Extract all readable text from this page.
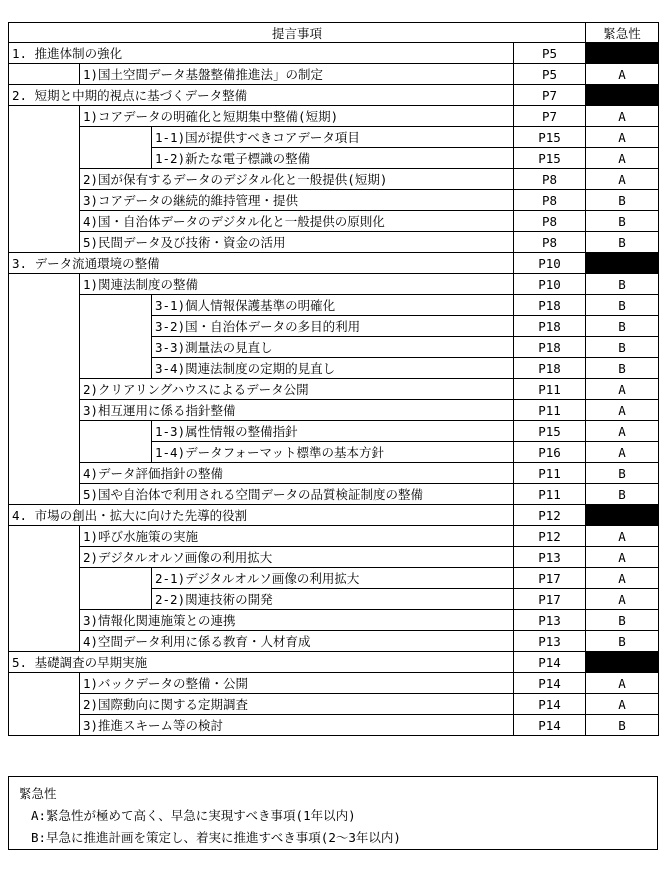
提言事項				緊急性
1. 推進体制の強化			P5	
	1)国土空間データ基盤整備推進法」の制定		P5	A
2. 短期と中期的視点に基づくデータ整備			P7	
	1)コアデータの明確化と短期集中整備(短期)		P7	A
		1-1)国が提供すべきコアデータ項目	P15	A
		1-2)新たな電子標識の整備	P15	A
	2)国が保有するデータのデジタル化と一般提供(短期)		P8	A
	3)コアデータの継続的維持管理・提供		P8	B
	4)国・自治体データのデジタル化と一般提供の原則化		P8	B
	5)民間データ及び技術・資金の活用		P8	B
3. データ流通環境の整備			P10	
	1)関連法制度の整備		P10	B
		3-1)個人情報保護基準の明確化	P18	B
		3-2)国・自治体データの多目的利用	P18	B
		3-3)測量法の見直し	P18	B
		3-4)関連法制度の定期的見直し	P18	B
	2)クリアリングハウスによるデータ公開		P11	A
	3)相互運用に係る指針整備		P11	A
		1-3)属性情報の整備指針	P15	A
		1-4)データフォーマット標準の基本方針	P16	A
	4)データ評価指針の整備		P11	B
	5)国や自治体で利用される空間データの品質検証制度の整備		P11	B
4. 市場の創出・拡大に向けた先導的役割			P12	
	1)呼び水施策の実施		P12	A
	2)デジタルオルソ画像の利用拡大		P13	A
		2-1)デジタルオルソ画像の利用拡大	P17	A
		2-2)関連技術の開発	P17	A
	3)情報化関連施策との連携		P13	B
	4)空間データ利用に係る教育・人材育成		P13	B
5. 基礎調査の早期実施			P14	
	1)バックデータの整備・公開		P14	A
	2)国際動向に関する定期調査		P14	A
	3)推進スキーム等の検討		P14	B
緊急性
A:緊急性が極めて高く、早急に実現すべき事項(1年以内)
B:早急に推進計画を策定し、着実に推進すべき事項(2～3年以内)
